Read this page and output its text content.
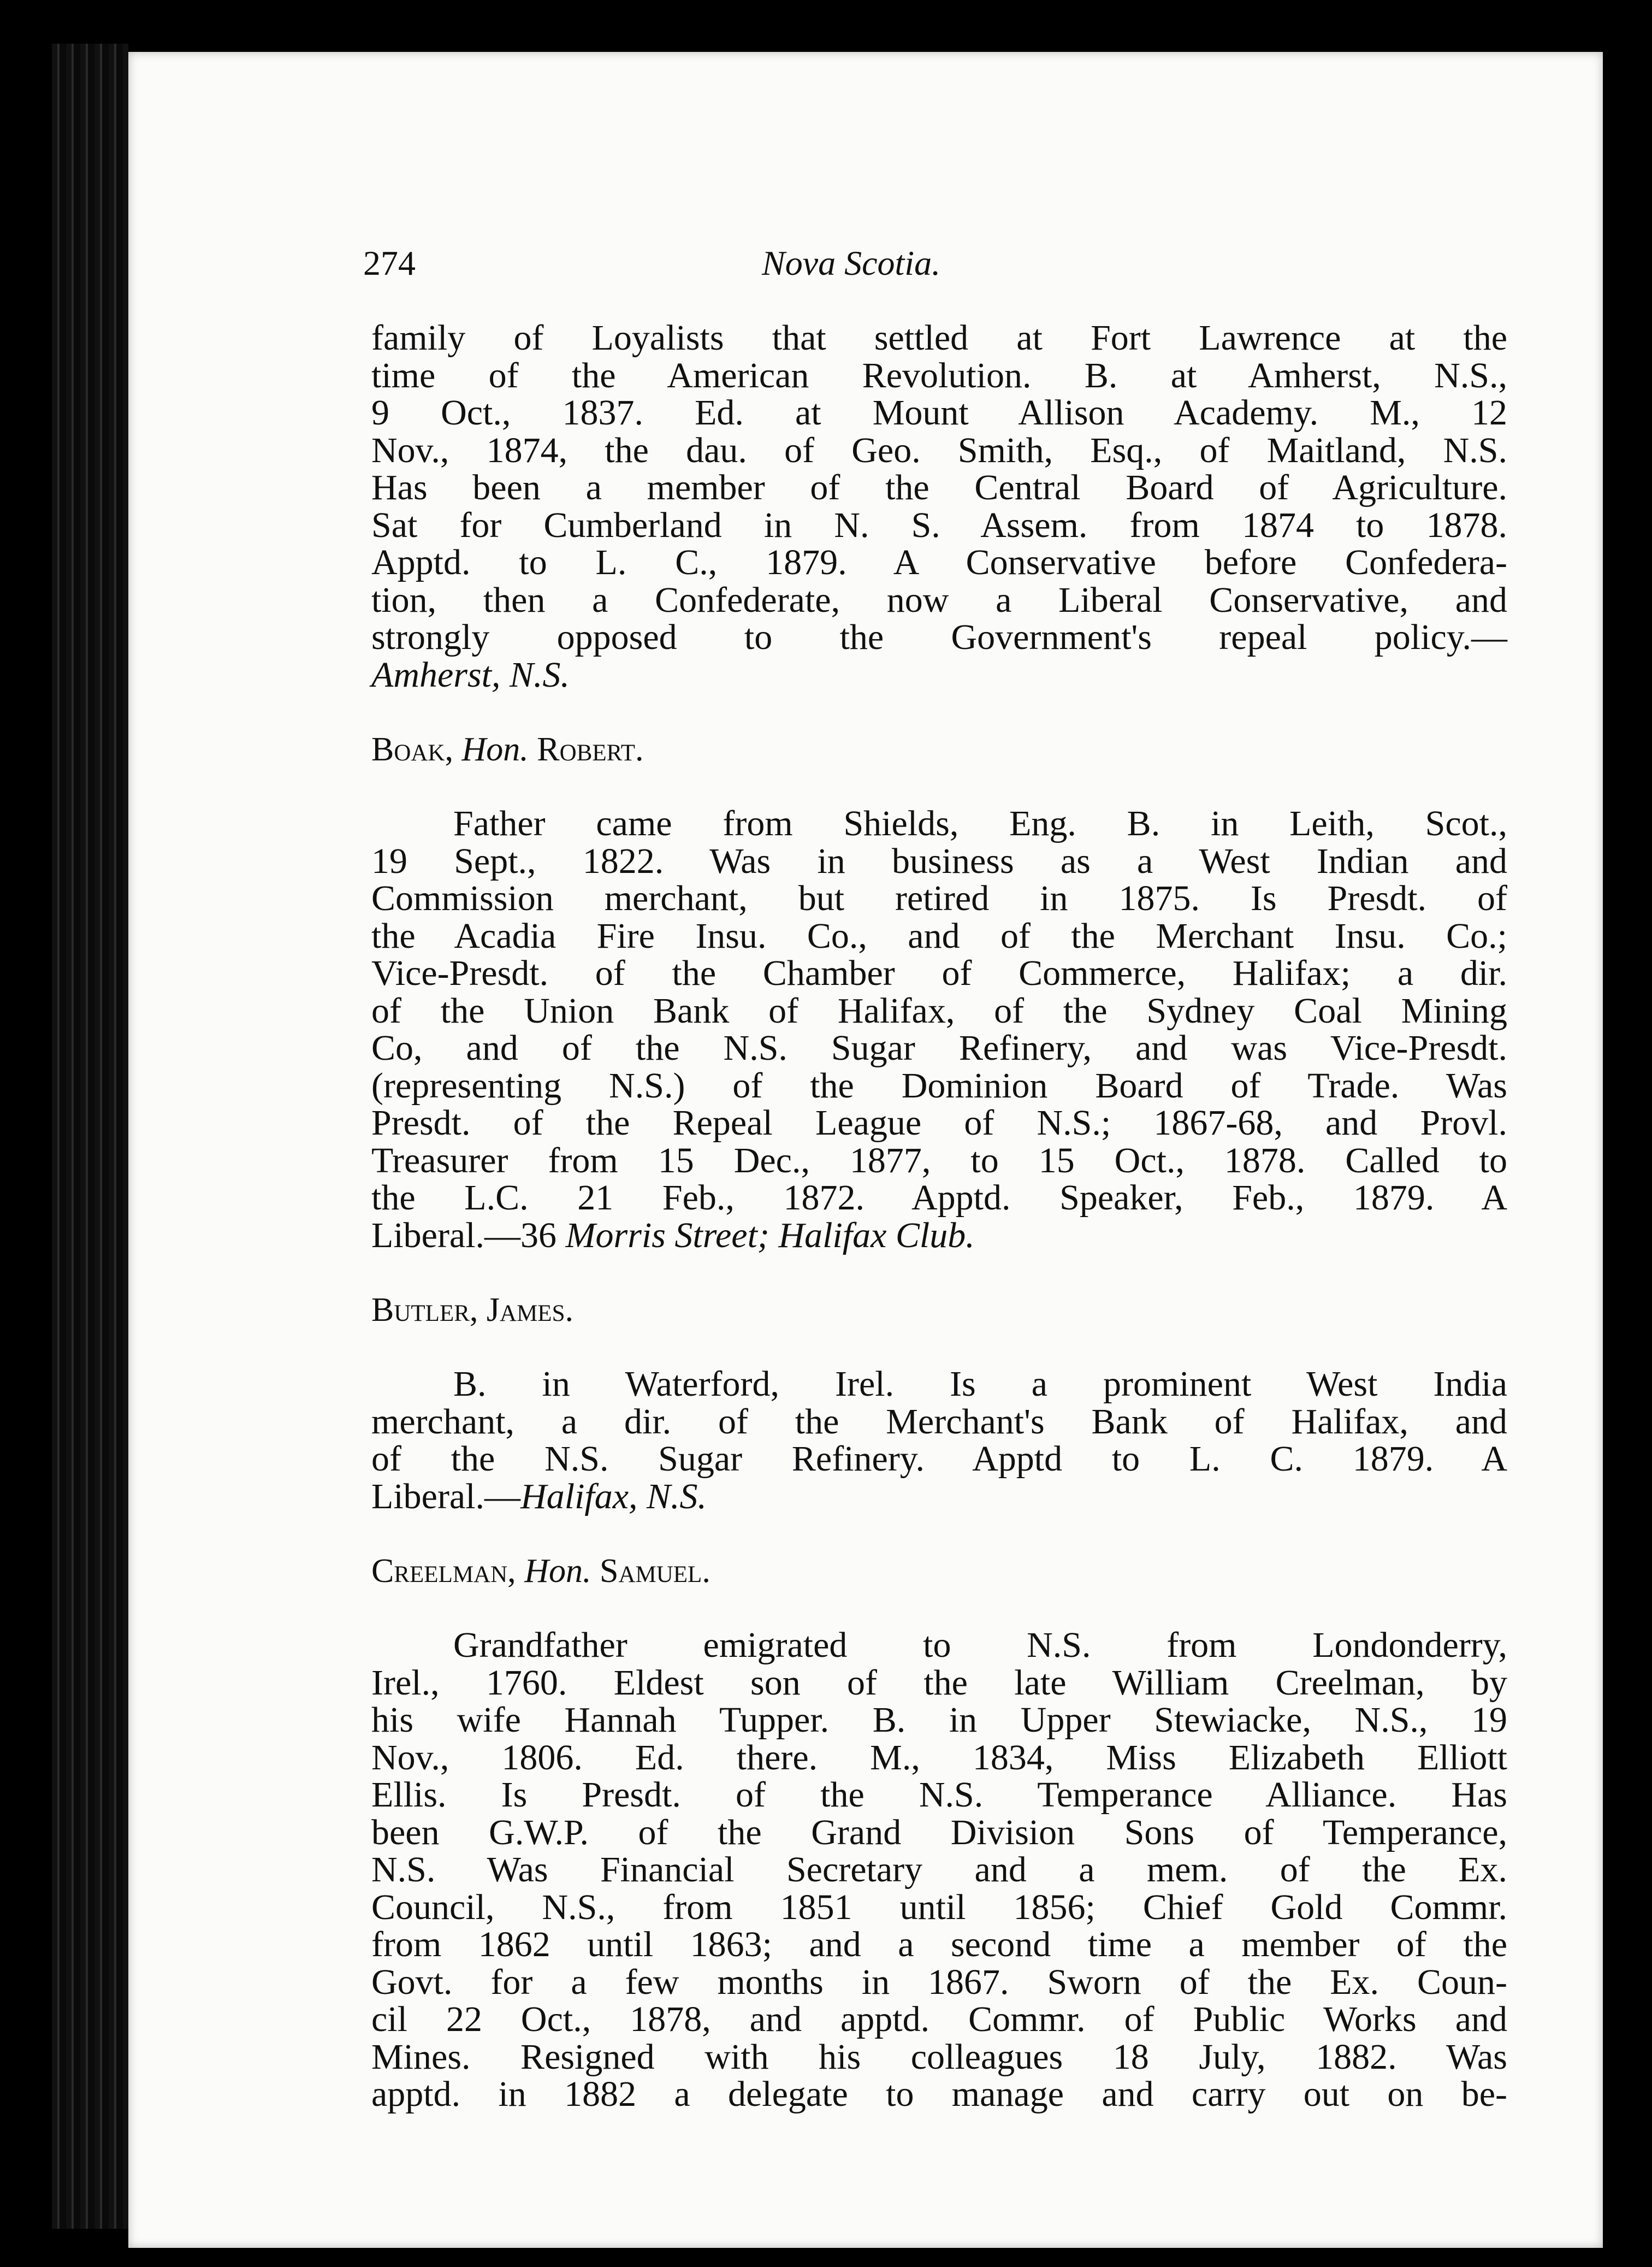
274	Nova Scotia.
family of Loyalists that settled at Fort Lawrence at the
time of the American Revolution. B. at Amherst, N.S.,
9 Oct., 1837. Ed. at Mount Allison Academy. M., 12
Nov., 1874, the dau. of Geo. Smith, Esq., of Maitland, N.S.
Has been a member of the Central Board of Agriculture.
Sat for Cumberland in N. S. Assem. from 1874 to 1878.
Apptd. to L. C., 1879. A Conservative before Confedera-
tion, then a Confederate, now a Liberal Conservative, and
strongly opposed to the Government's repeal policy.—
Amherst, N.S.

Boak, Hon. Robert.

Father came from Shields, Eng. B. in Leith, Scot.,
19 Sept., 1822. Was in business as a West Indian and
Commission merchant, but retired in 1875. Is Presdt. of
the Acadia Fire Insu. Co., and of the Merchant Insu. Co.;
Vice-Presdt. of the Chamber of Commerce, Halifax; a dir.
of the Union Bank of Halifax, of the Sydney Coal Mining
Co, and of the N.S. Sugar Refinery, and was Vice-Presdt.
(representing N.S.) of the Dominion Board of Trade. Was
Presdt. of the Repeal League of N.S.; 1867-68, and Provl.
Treasurer from 15 Dec., 1877, to 15 Oct., 1878. Called to
the L.C. 21 Feb., 1872. Apptd. Speaker, Feb., 1879. A
Liberal.—36 Morris Street; Halifax Club.

Butler, James.

B. in Waterford, Irel. Is a prominent West India
merchant, a dir. of the Merchant's Bank of Halifax, and
of the N.S. Sugar Refinery. Apptd to L. C. 1879. A
Liberal.—Halifax, N.S.

Creelman, Hon. Samuel.

Grandfather emigrated to N.S. from Londonderry,
Irel., 1760. Eldest son of the late William Creelman, by
his wife Hannah Tupper. B. in Upper Stewiacke, N.S., 19
Nov., 1806. Ed. there. M., 1834, Miss Elizabeth Elliott
Ellis. Is Presdt. of the N.S. Temperance Alliance. Has
been G.W.P. of the Grand Division Sons of Temperance,
N.S. Was Financial Secretary and a mem. of the Ex.
Council, N.S., from 1851 until 1856; Chief Gold Commr.
from 1862 until 1863; and a second time a member of the
Govt. for a few months in 1867. Sworn of the Ex. Coun-
cil 22 Oct., 1878, and apptd. Commr. of Public Works and
Mines. Resigned with his colleagues 18 July, 1882. Was
apptd. in 1882 a delegate to manage and carry out on be-
